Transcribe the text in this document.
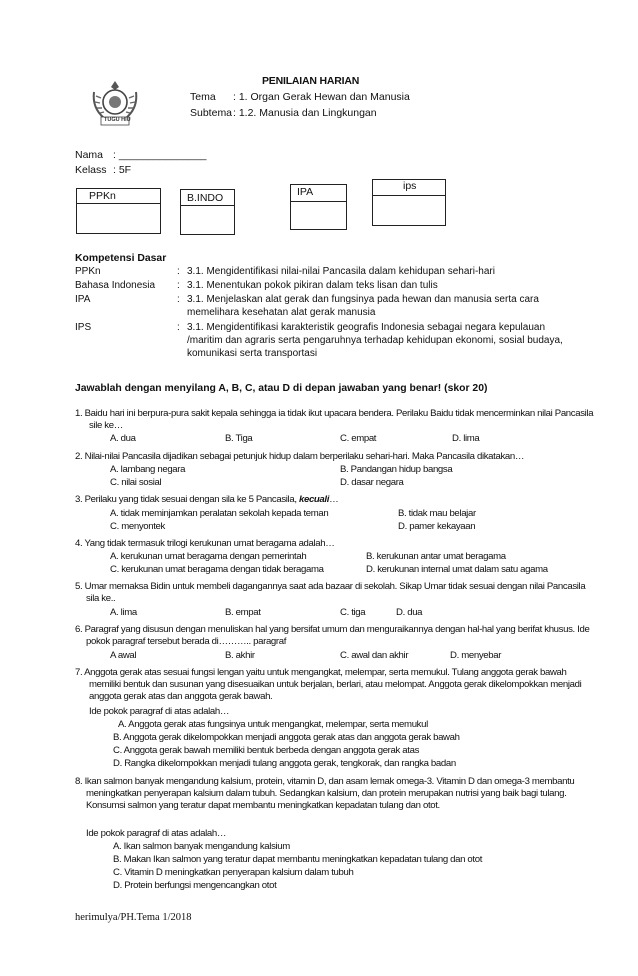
TUGU HIU
PENILAIAN HARIAN
Tema : 1. Organ Gerak Hewan dan Manusia
Subtema : 1.2. Manusia dan Lingkungan
Nama : _______________
Kelass : 5F
PPKn	B.INDO	IPA	ips
Kompetensi Dasar
PPKn	: 3.1. Mengidentifikasi nilai-nilai Pancasila dalam kehidupan sehari-hari
Bahasa Indonesia : 3.1. Menentukan pokok pikiran dalam teks lisan dan tulis
IPA	: 3.1. Menjelaskan alat gerak dan fungsinya pada hewan dan manusia serta cara memelihara kesehatan alat gerak manusia
IPS	: 3.1. Mengidentifikasi karakteristik geografis Indonesia sebagai negara kepulauan /maritim dan agraris serta pengaruhnya terhadap kehidupan ekonomi, sosial budaya, komunikasi serta transportasi
Jawablah dengan menyilang A, B, C, atau D di depan jawaban yang benar! (skor 20)
1. Baidu hari ini berpura-pura sakit kepala sehingga ia tidak ikut upacara bendera. Perilaku Baidu tidak mencerminkan nilai Pancasila sile ke…
A. dua	B. Tiga	C. empat	D. lima
2. Nilai-nilai Pancasila dijadikan sebagai petunjuk hidup dalam berperilaku sehari-hari. Maka Pancasila dikatakan…
A. lambang negara	B. Pandangan hidup bangsa
C. nilai sosial	D. dasar negara
3. Perilaku yang tidak sesuai dengan sila ke 5 Pancasila, kecuali…
A. tidak meminjamkan peralatan sekolah kepada teman	B. tidak mau belajar
C. menyontek	D. pamer kekayaan
4. Yang tidak termasuk trilogi kerukunan umat beragama adalah…
A. kerukunan umat beragama dengan pemerintah	B. kerukunan antar umat beragama
C. kerukunan umat beragama dengan tidak beragama	D. kerukunan internal umat dalam satu agama
5. Umar memaksa Bidin untuk membeli dagangannya saat ada bazaar di sekolah. Sikap Umar tidak sesuai dengan nilai Pancasila sila ke..
A. lima	B. empat	C. tiga	D. dua
6. Paragraf yang disusun dengan menuliskan hal yang bersifat umum dan menguraikannya dengan hal-hal yang berifat khusus. Ide pokok paragraf tersebut berada di……….. paragraf
A awal	B. akhir	C. awal dan akhir	D. menyebar
7. Anggota gerak atas sesuai fungsi lengan yaitu untuk mengangkat, melempar, serta memukul. Tulang anggota gerak bawah memiliki bentuk dan susunan yang disesuaikan untuk berjalan, berlari, atau melompat. Anggota gerak dikelompokkan menjadi anggota gerak atas dan anggota gerak bawah.
Ide pokok paragraf di atas adalah…
A. Anggota gerak atas fungsinya untuk mengangkat, melempar, serta memukul
B. Anggota gerak dikelompokkan menjadi anggota gerak atas dan anggota gerak bawah
C. Anggota gerak bawah memiliki bentuk berbeda dengan anggota gerak atas
D. Rangka dikelompokkan menjadi tulang anggota gerak, tengkorak, dan rangka badan
8. Ikan salmon banyak mengandung kalsium, protein, vitamin D, dan asam lemak omega-3. Vitamin D dan omega-3 membantu meningkatkan penyerapan kalsium dalam tubuh. Sedangkan kalsium, dan protein merupakan nutrisi yang baik bagi tulang. Konsumsi salmon yang teratur dapat membantu meningkatkan kepadatan tulang dan otot.
Ide pokok paragraf di atas adalah…
A. Ikan salmon banyak mengandung kalsium
B. Makan Ikan salmon yang teratur dapat membantu meningkatkan kepadatan tulang dan otot
C. Vitamin D meningkatkan penyerapan kalsium dalam tubuh
D. Protein berfungsi mengencangkan otot
herimulya/PH.Tema 1/2018
